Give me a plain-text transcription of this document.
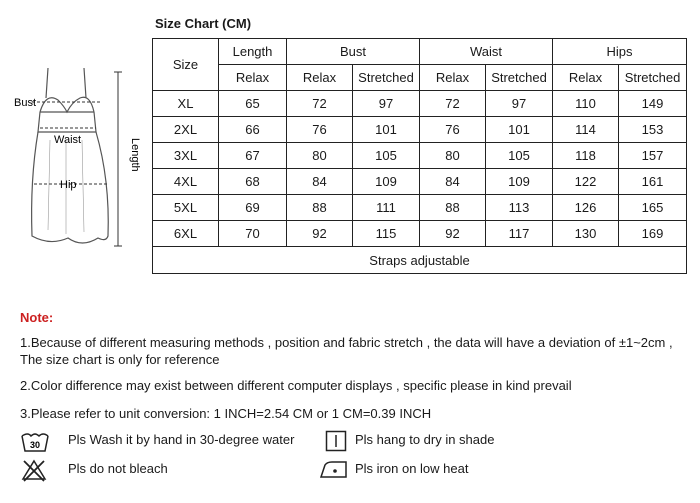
Bust
Waist
Hip
Length
Size Chart (CM)
Size	Length	Bust		Waist		Hips	
	Relax	Relax	Stretched	Relax	Stretched	Relax	Stretched
XL	65	72	97	72	97	110	149
2XL	66	76	101	76	101	114	153
3XL	67	80	105	80	105	118	157
4XL	68	84	109	84	109	122	161
5XL	69	88	111	88	113	126	165
6XL	70	92	115	92	117	130	169
Straps adjustable							
Note:
1.Because of different measuring methods , position and fabric stretch , the data will have a deviation of ±1~2cm ,
The size chart is only for reference
2.Color difference may exist between different computer displays , specific please in kind prevail
3.Please refer to unit conversion: 1 INCH=2.54 CM or 1 CM=0.39 INCH
30 Pls Wash it by hand in 30-degree water	Pls hang to dry in shade
Pls do not bleach	Pls iron on low heat
